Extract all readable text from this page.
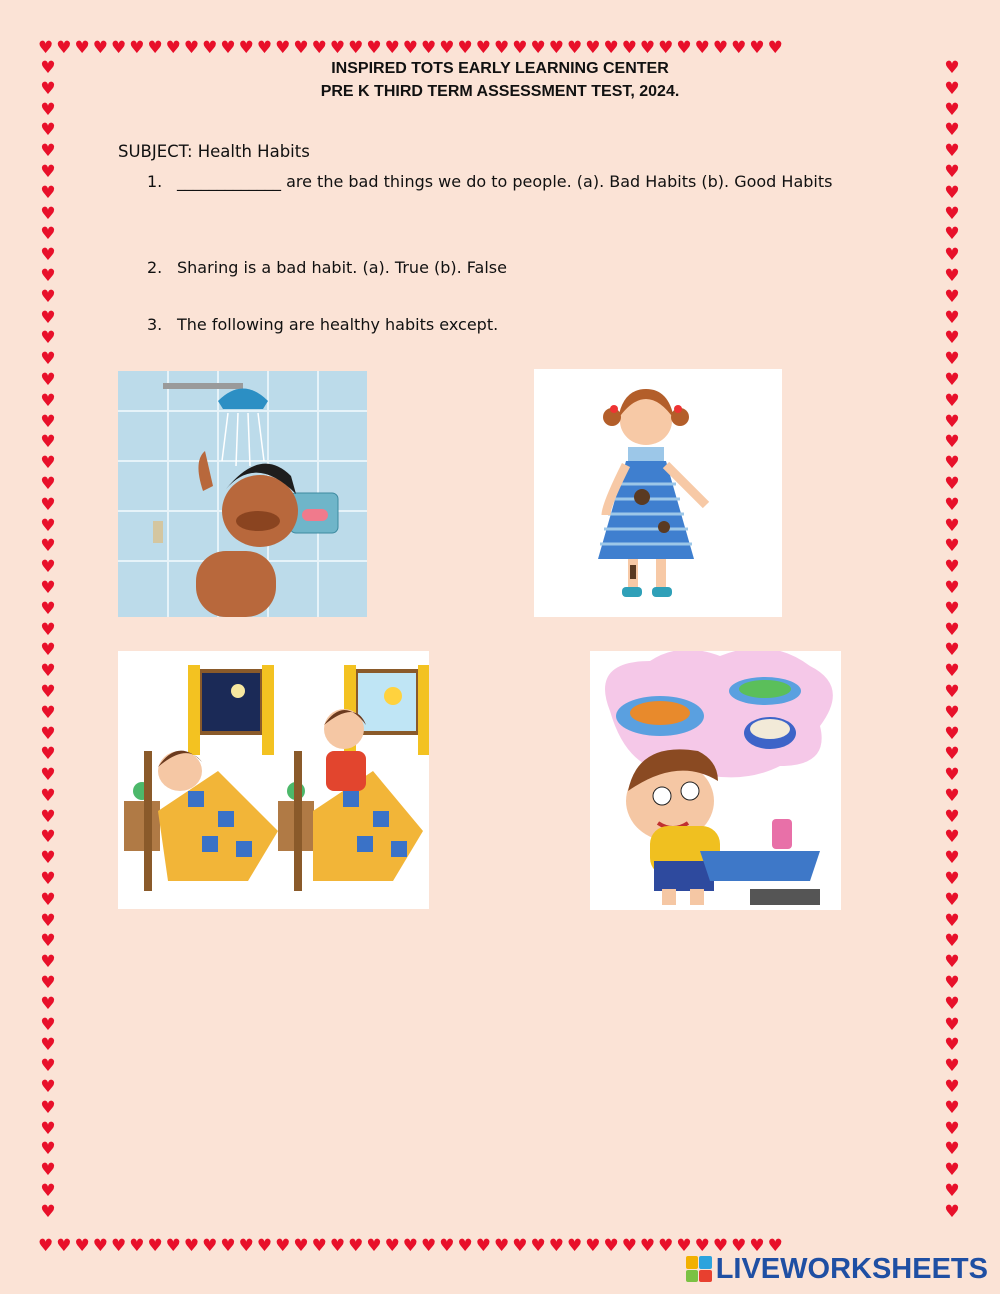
♥♥♥♥♥♥♥♥♥♥♥♥♥♥♥♥♥♥♥♥♥♥♥♥♥♥♥♥♥♥♥♥♥♥♥♥♥♥♥♥♥
♥♥♥♥♥♥♥♥♥♥♥♥♥♥♥♥♥♥♥♥♥♥♥♥♥♥♥♥♥♥♥♥♥♥♥♥♥♥♥♥♥
♥
♥
♥
♥
♥
♥
♥
♥
♥
♥
♥
♥
♥
♥
♥
♥
♥
♥
♥
♥
♥
♥
♥
♥
♥
♥
♥
♥
♥
♥
♥
♥
♥
♥
♥
♥
♥
♥
♥
♥
♥
♥
♥
♥
♥
♥
♥
♥
♥
♥
♥
♥
♥
♥
♥
♥
♥
♥
♥
♥
♥
♥
♥
♥
♥
♥
♥
♥
♥
♥
♥
♥
♥
♥
♥
♥
♥
♥
♥
♥
♥
♥
♥
♥
♥
♥
♥
♥
♥
♥
♥
♥
♥
♥
♥
♥
♥
♥
♥
♥
♥
♥
♥
♥
♥
♥
♥
♥
♥
♥
♥
♥
INSPIRED TOTS EARLY LEARNING CENTER
PRE K THIRD TERM ASSESSMENT TEST, 2024.
SUBJECT: Health Habits
1. _____________ are the bad things we do to people. (a). Bad Habits (b). Good Habits
2. Sharing is a bad habit. (a). True (b). False
3. The following are healthy habits except.
LIVEWORKSHEETS
